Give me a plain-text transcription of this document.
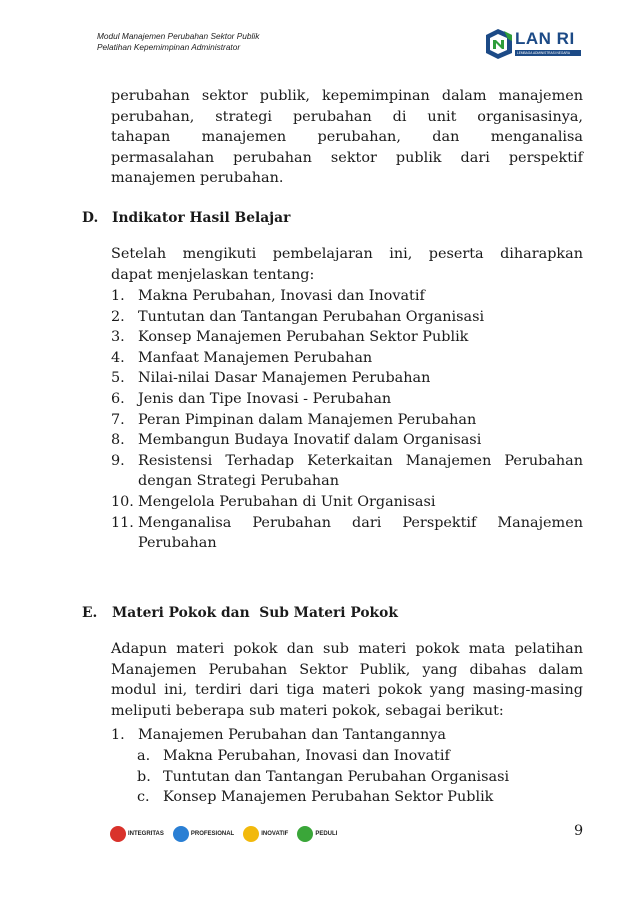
Modul Manajemen Perubahan Sektor Publik
Pelatihan Kepemimpinan Administrator	LAN RI
LEMBAGA ADMINISTRASI NEGARA
perubahan sektor publik, kepemimpinan dalam manajemen
perubahan, strategi perubahan di unit organisasinya,
tahapan manajemen perubahan, dan menganalisa
permasalahan perubahan sektor publik dari perspektif
manajemen perubahan.
D. Indikator Hasil Belajar
Setelah mengikuti pembelajaran ini, peserta diharapkan
dapat menjelaskan tentang:
1. Makna Perubahan, Inovasi dan Inovatif
2. Tuntutan dan Tantangan Perubahan Organisasi
3. Konsep Manajemen Perubahan Sektor Publik
4. Manfaat Manajemen Perubahan
5. Nilai-nilai Dasar Manajemen Perubahan
6. Jenis dan Tipe Inovasi - Perubahan
7. Peran Pimpinan dalam Manajemen Perubahan
8. Membangun Budaya Inovatif dalam Organisasi
9. Resistensi Terhadap Keterkaitan Manajemen Perubahan dengan Strategi Perubahan
10. Mengelola Perubahan di Unit Organisasi
11. Menganalisa Perubahan dari Perspektif Manajemen Perubahan
E. Materi Pokok dan  Sub Materi Pokok
Adapun materi pokok dan sub materi pokok mata pelatihan
Manajemen Perubahan Sektor Publik, yang dibahas dalam
modul ini, terdiri dari tiga materi pokok yang masing-masing
meliputi beberapa sub materi pokok, sebagai berikut:
1. Manajemen Perubahan dan Tantangannya
a. Makna Perubahan, Inovasi dan Inovatif
b. Tuntutan dan Tantangan Perubahan Organisasi
c. Konsep Manajemen Perubahan Sektor Publik
INTEGRITAS	PROFESIONAL	INOVATIF	PEDULI	9
